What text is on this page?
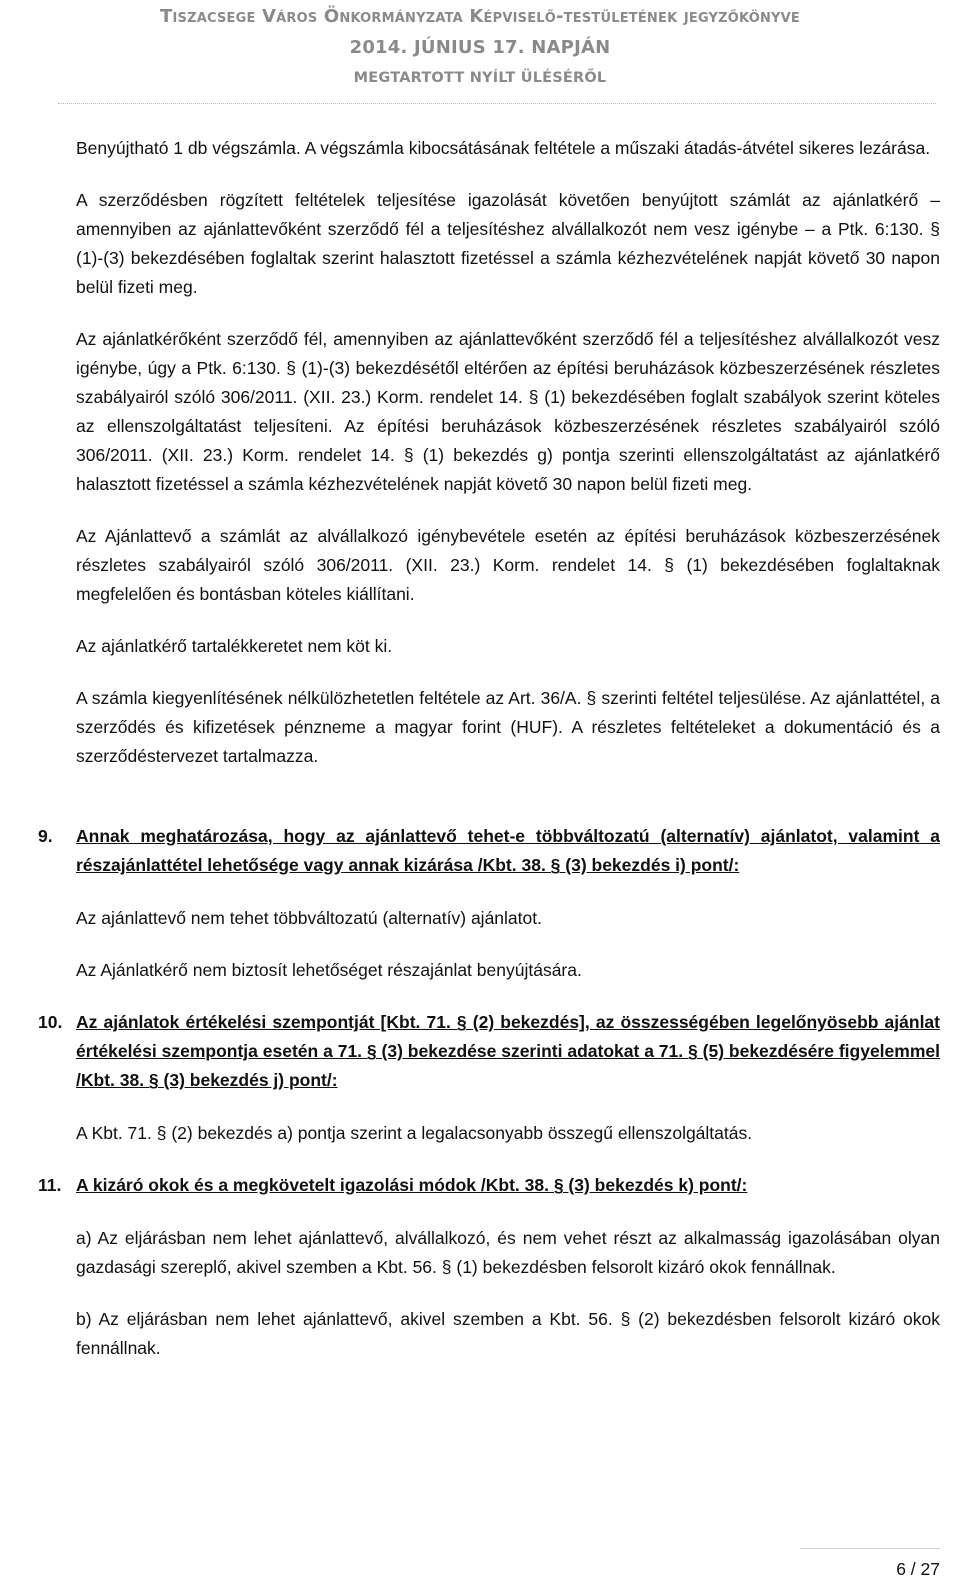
Tiszacsege Város Önkormányzata Képviselő-testületének jegyzőkönyve
2014. JÚNIUS 17. NAPJÁN
MEGTARTOTT NYÍLT ÜLÉSÉRŐL

Benyújtható 1 db végszámla. A végszámla kibocsátásának feltétele a műszaki átadás-átvétel sikeres lezárása.

A szerződésben rögzített feltételek teljesítése igazolását követően benyújtott számlát az ajánlatkérő – amennyiben az ajánlattevőként szerződő fél a teljesítéshez alvállalkozót nem vesz igénybe – a Ptk. 6:130. § (1)-(3) bekezdésében foglaltak szerint halasztott fizetéssel a számla kézhezvételének napját követő 30 napon belül fizeti meg.

Az ajánlatkérőként szerződő fél, amennyiben az ajánlattevőként szerződő fél a teljesítéshez alvállalkozót vesz igénybe, úgy a Ptk. 6:130. § (1)-(3) bekezdésétől eltérően az építési beruházások közbeszerzésének részletes szabályairól szóló 306/2011. (XII. 23.) Korm. rendelet 14. § (1) bekezdésében foglalt szabályok szerint köteles az ellenszolgáltatást teljesíteni. Az építési beruházások közbeszerzésének részletes szabályairól szóló 306/2011. (XII. 23.) Korm. rendelet 14. § (1) bekezdés g) pontja szerinti ellenszolgáltatást az ajánlatkérő halasztott fizetéssel a számla kézhezvételének napját követő 30 napon belül fizeti meg.

Az Ajánlattevő a számlát az alvállalkozó igénybevétele esetén az építési beruházások közbeszerzésének részletes szabályairól szóló 306/2011. (XII. 23.) Korm. rendelet 14. § (1) bekezdésében foglaltaknak megfelelően és bontásban köteles kiállítani.

Az ajánlatkérő tartalékkeretet nem köt ki.

A számla kiegyenlítésének nélkülözhetetlen feltétele az Art. 36/A. § szerinti feltétel teljesülése. Az ajánlattétel, a szerződés és kifizetések pénzneme a magyar forint (HUF). A részletes feltételeket a dokumentáció és a szerződéstervezet tartalmazza.

9. Annak meghatározása, hogy az ajánlattevő tehet-e többváltozatú (alternatív) ajánlatot, valamint a részajánlattétel lehetősége vagy annak kizárása /Kbt. 38. § (3) bekezdés i) pont/:

Az ajánlattevő nem tehet többváltozatú (alternatív) ajánlatot.

Az Ajánlatkérő nem biztosít lehetőséget részajánlat benyújtására.

10. Az ajánlatok értékelési szempontját [Kbt. 71. § (2) bekezdés], az összességében legelőnyösebb ajánlat értékelési szempontja esetén a 71. § (3) bekezdése szerinti adatokat a 71. § (5) bekezdésére figyelemmel /Kbt. 38. § (3) bekezdés j) pont/:

A Kbt. 71. § (2) bekezdés a) pontja szerint a legalacsonyabb összegű ellenszolgáltatás.

11. A kizáró okok és a megkövetelt igazolási módok /Kbt. 38. § (3) bekezdés k) pont/:

a) Az eljárásban nem lehet ajánlattevő, alvállalkozó, és nem vehet részt az alkalmasság igazolásában olyan gazdasági szereplő, akivel szemben a Kbt. 56. § (1) bekezdésben felsorolt kizáró okok fennállnak.

b) Az eljárásban nem lehet ajánlattevő, akivel szemben a Kbt. 56. § (2) bekezdésben felsorolt kizáró okok fennállnak.

6 / 27
